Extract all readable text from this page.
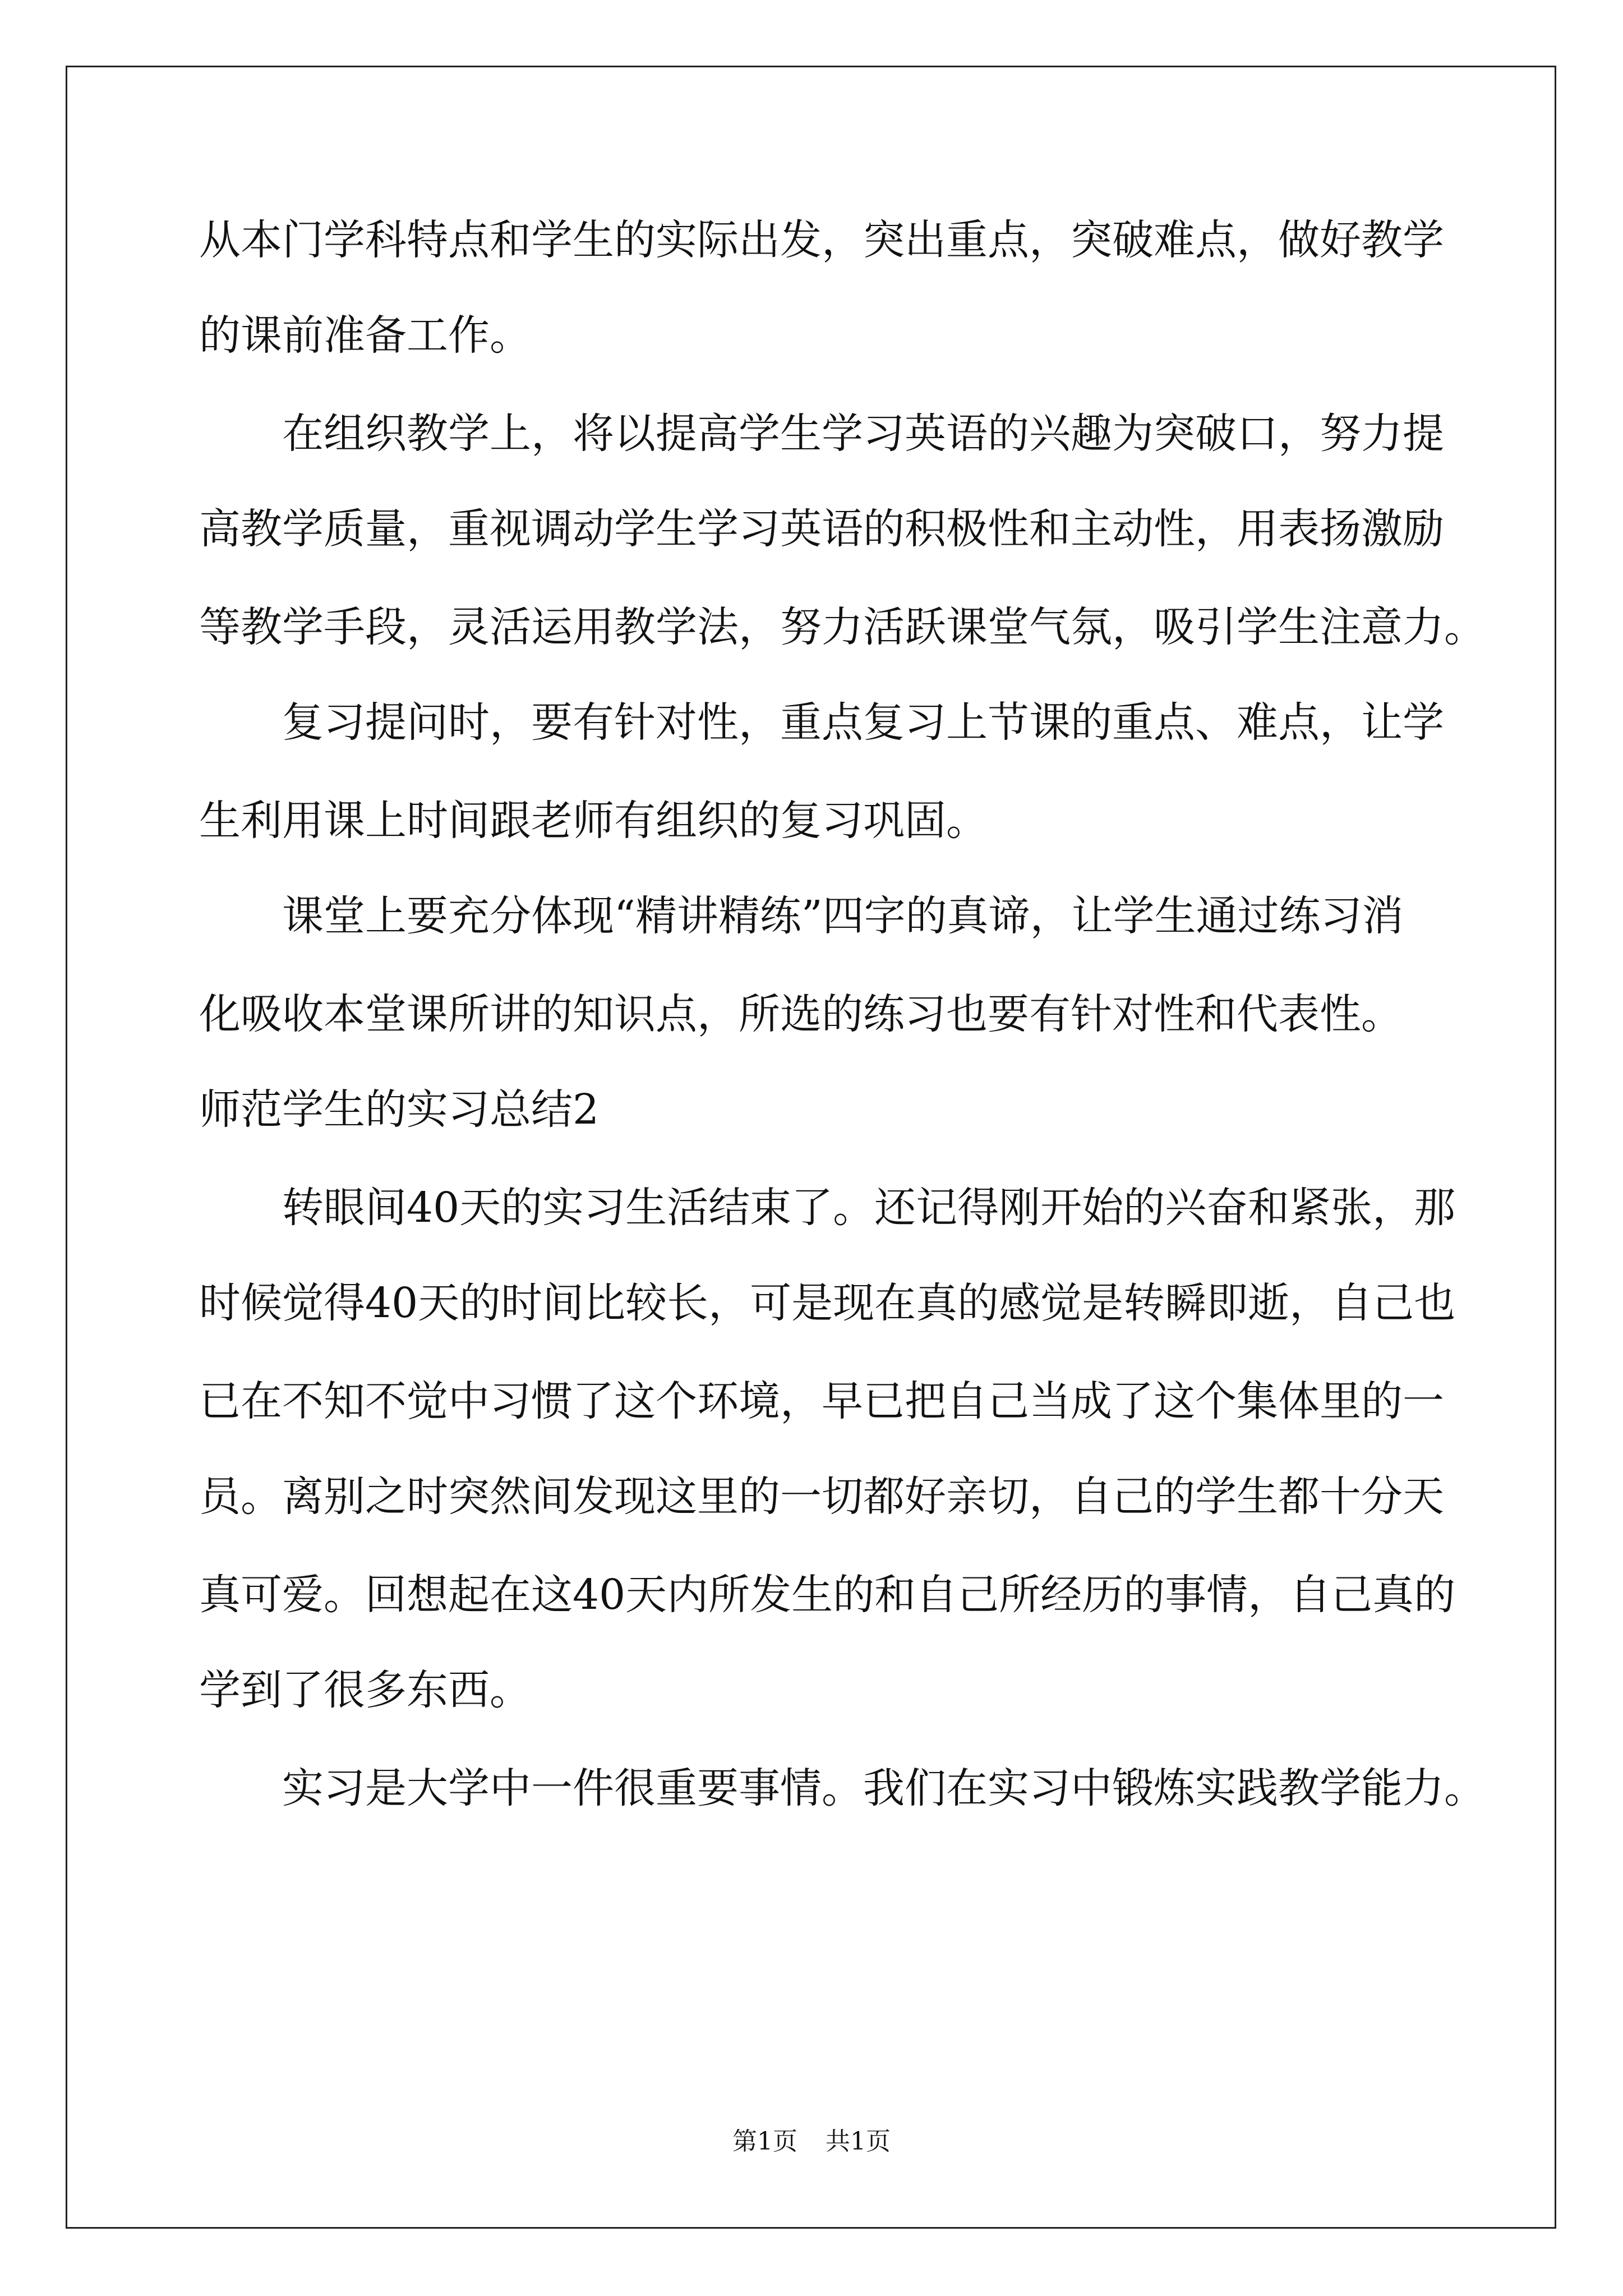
从本门学科特点和学生的实际出发，突出重点，突破难点，做好教学
的课前准备工作。
在组织教学上，将以提高学生学习英语的兴趣为突破口，努力提
高教学质量，重视调动学生学习英语的积极性和主动性，用表扬激励
等教学手段，灵活运用教学法，努力活跃课堂气氛，吸引学生注意力。
复习提问时，要有针对性，重点复习上节课的重点、难点，让学
生利用课上时间跟老师有组织的复习巩固。
课堂上要充分体现“精讲精练”四字的真谛，让学生通过练习消
化吸收本堂课所讲的知识点，所选的练习也要有针对性和代表性。
师范学生的实习总结2
转眼间40天的实习生活结束了。还记得刚开始的兴奋和紧张，那
时候觉得40天的时间比较长，可是现在真的感觉是转瞬即逝，自己也
已在不知不觉中习惯了这个环境，早已把自己当成了这个集体里的一
员。离别之时突然间发现这里的一切都好亲切，自己的学生都十分天
真可爱。回想起在这40天内所发生的和自己所经历的事情，自己真的
学到了很多东西。
实习是大学中一件很重要事情。我们在实习中锻炼实践教学能力。
第1页 共1页
